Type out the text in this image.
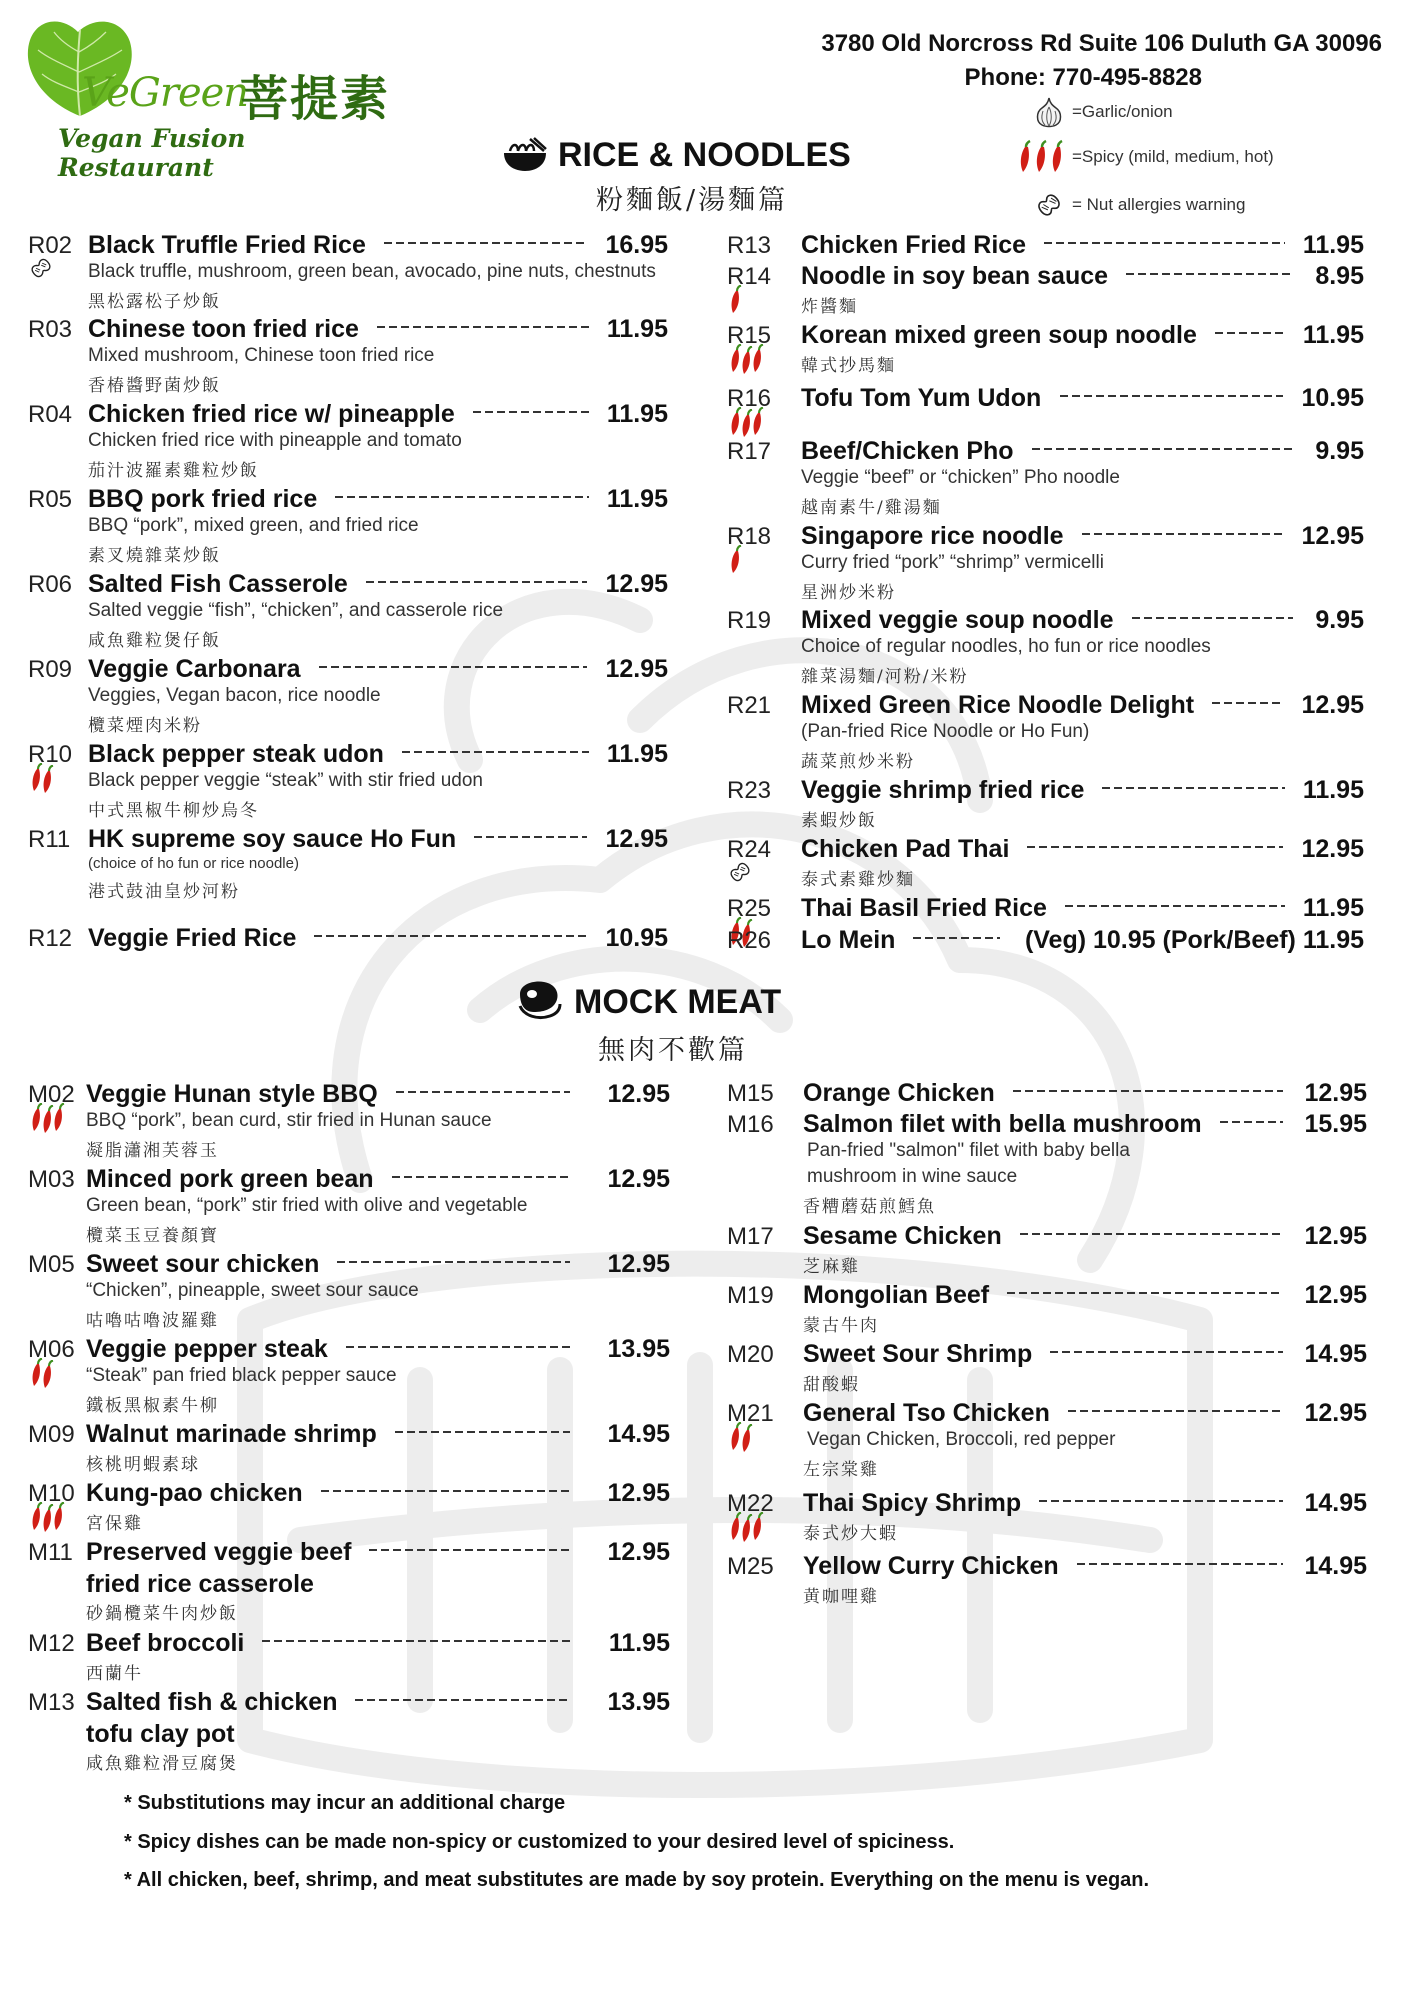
VeGreen
菩提素
Vegan Fusion Restaurant
3780 Old Norcross Rd Suite 106 Duluth GA 30096
Phone: 770-495-8828
=Garlic/onion
=Spicy (mild, medium, hot)
= Nut allergies warning
RICE & NOODLES
粉麵飯/湯麵篇
MOCK MEAT
無肉不歡篇
R02 Black Truffle Fried Rice	16.95
Black truffle, mushroom, green bean, avocado, pine nuts, chestnuts
黑松露松子炒飯
R03 Chinese toon fried rice	11.95
Mixed mushroom, Chinese toon fried rice
香椿醬野菌炒飯
R04 Chicken fried rice w/ pineapple	11.95
Chicken fried rice with pineapple and tomato
茄汁波羅素雞粒炒飯
R05 BBQ pork fried rice	11.95
BBQ “pork”, mixed green, and fried rice
素叉燒雜菜炒飯
R06 Salted Fish Casserole	12.95
Salted veggie “fish”, “chicken”, and casserole rice
咸魚雞粒煲仔飯
R09 Veggie Carbonara	12.95
Veggies, Vegan bacon, rice noodle
欖菜煙肉米粉
R10 Black pepper steak udon	11.95
Black pepper veggie “steak” with stir fried udon
中式黑椒牛柳炒烏冬
R11 HK supreme soy sauce Ho Fun	12.95
(choice of ho fun or rice noodle)
港式鼓油皇炒河粉
R12 Veggie Fried Rice	10.95
R13 Chicken Fried Rice	11.95
R14 Noodle in soy bean sauce	8.95
炸醬麵
R15 Korean mixed green soup noodle	11.95
韓式抄馬麵
R16 Tofu Tom Yum Udon	10.95
R17 Beef/Chicken Pho	9.95
Veggie “beef” or “chicken” Pho noodle
越南素牛/雞湯麵
R18 Singapore rice noodle	12.95
Curry fried “pork” “shrimp” vermicelli
星洲炒米粉
R19 Mixed veggie soup noodle	9.95
Choice of regular noodles, ho fun or rice noodles
雜菜湯麵/河粉/米粉
R21 Mixed Green Rice Noodle Delight	12.95
(Pan-fried Rice Noodle or Ho Fun)
蔬菜煎炒米粉
R23 Veggie shrimp fried rice	11.95
素蝦炒飯
R24 Chicken Pad Thai	12.95
泰式素雞炒麵
R25 Thai Basil Fried Rice	11.95
R26 Lo Mein	(Veg) 10.95 (Pork/Beef) 11.95
M02 Veggie Hunan style BBQ	12.95
BBQ “pork”, bean curd, stir fried in Hunan sauce
凝脂瀟湘芙蓉玉
M03 Minced pork green bean	12.95
Green bean, “pork” stir fried with olive and vegetable
欖菜玉豆養顏寶
M05 Sweet sour chicken	12.95
“Chicken”, pineapple, sweet sour sauce
咕嚕咕嚕波羅雞
M06 Veggie pepper steak	13.95
“Steak” pan fried black pepper sauce
鐵板黑椒素牛柳
M09 Walnut marinade shrimp	14.95
核桃明蝦素球
M10 Kung-pao chicken	12.95
宮保雞
M11 Preserved veggie beef
fried rice casserole
12.95
砂鍋欖菜牛肉炒飯
M12 Beef broccoli	11.95
西蘭牛
M13 Salted fish & chicken
tofu clay pot
13.95
咸魚雞粒滑豆腐煲
M15 Orange Chicken	12.95
M16 Salmon filet with bella mushroom	15.95
Pan-fried "salmon" filet with baby bella
mushroom in wine sauce
香糟蘑菇煎鱈魚
M17 Sesame Chicken	12.95
芝麻雞
M19 Mongolian Beef	12.95
蒙古牛肉
M20 Sweet Sour Shrimp	14.95
甜酸蝦
M21 General Tso Chicken	12.95
Vegan Chicken, Broccoli, red pepper
左宗棠雞
M22 Thai Spicy Shrimp	14.95
泰式炒大蝦
M25 Yellow Curry Chicken	14.95
黄咖哩雞
* Substitutions may incur an additional charge
* Spicy dishes can be made non-spicy or customized to your desired level of spiciness.
* All chicken, beef, shrimp, and meat substitutes are made by soy protein. Everything on the menu is vegan.
